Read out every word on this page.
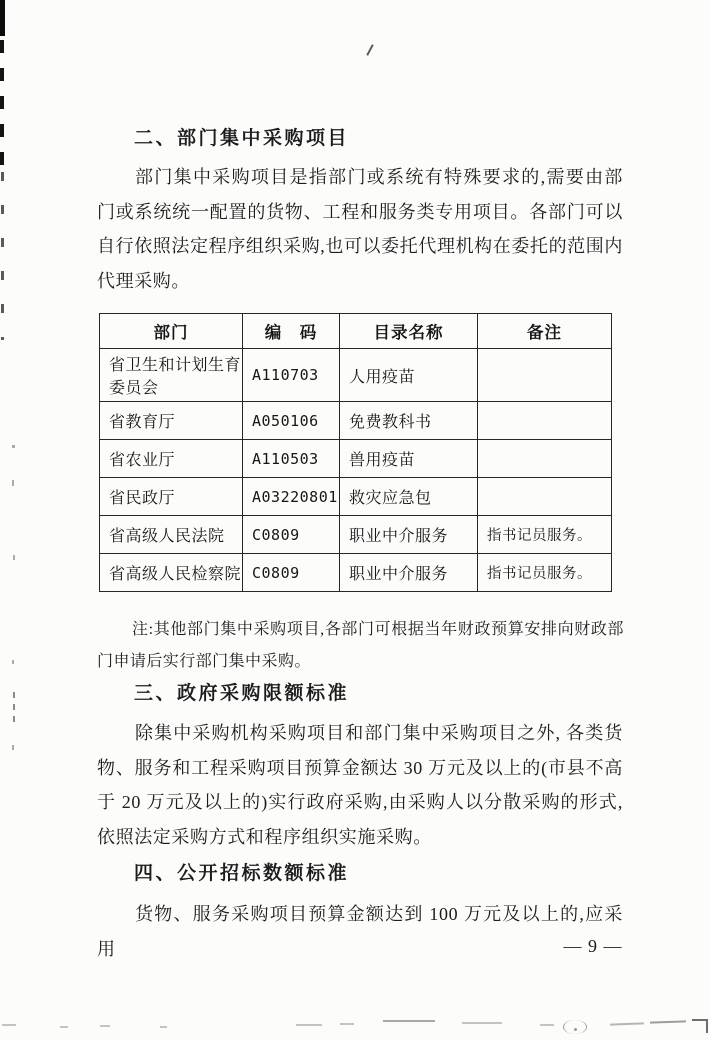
二、部门集中采购项目
部门集中采购项目是指部门或系统有特殊要求的,需要由部门或系统统一配置的货物、工程和服务类专用项目。各部门可以自行依照法定程序组织采购,也可以委托代理机构在委托的范围内代理采购。
部门	编　码	目录名称	备注
省卫生和计划生育委员会	A110703	人用疫苗	
省教育厅	A050106	免费教科书	
省农业厅	A110503	兽用疫苗	
省民政厅	A03220801	救灾应急包	
省高级人民法院	C0809	职业中介服务	指书记员服务。
省高级人民检察院	C0809	职业中介服务	指书记员服务。
注:其他部门集中采购项目,各部门可根据当年财政预算安排向财政部门申请后实行部门集中采购。
三、政府采购限额标准
除集中采购机构采购项目和部门集中采购项目之外, 各类货物、服务和工程采购项目预算金额达 30 万元及以上的(市县不高于 20 万元及以上的)实行政府采购,由采购人以分散采购的形式,依照法定采购方式和程序组织实施采购。
四、公开招标数额标准
货物、服务采购项目预算金额达到 100 万元及以上的,应采用	— 9 —
